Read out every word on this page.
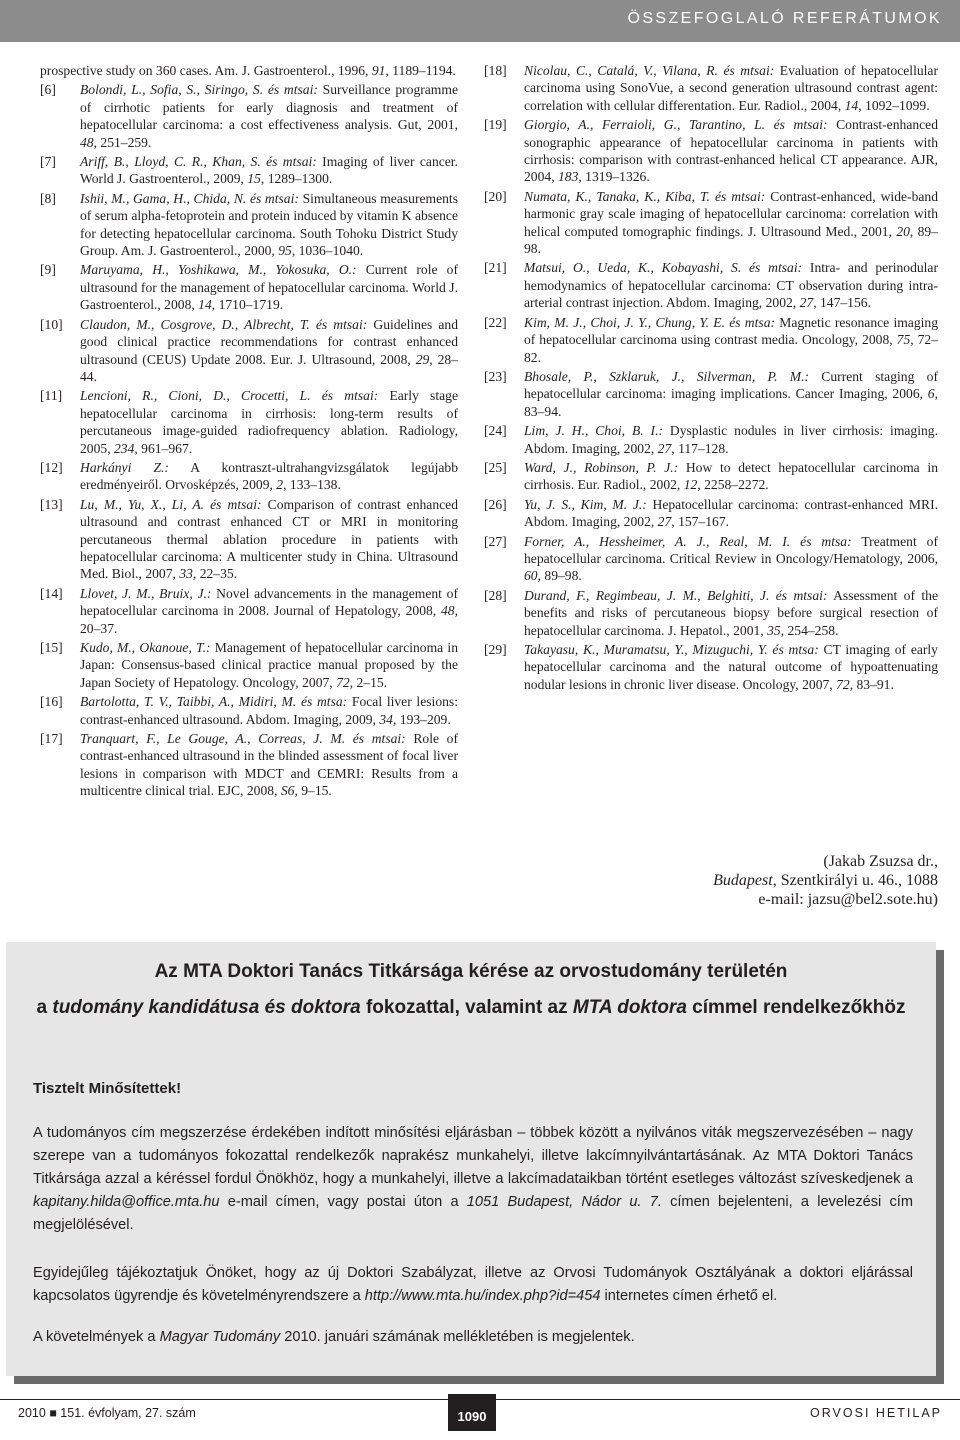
ÖSSZEFOGLALÓ REFERÁTUMOK
prospective study on 360 cases. Am. J. Gastroenterol., 1996, 91, 1189–1194.
[6]	Bolondi, L., Sofia, S., Siringo, S. és mtsai: Surveillance programme of cirrhotic patients for early diagnosis and treatment of hepatocellular carcinoma: a cost effectiveness analysis. Gut, 2001, 48, 251–259.
[7]	Ariff, B., Lloyd, C. R., Khan, S. és mtsai: Imaging of liver cancer. World J. Gastroenterol., 2009, 15, 1289–1300.
[8]	Ishii, M., Gama, H., Chida, N. és mtsai: Simultaneous measurements of serum alpha-fetoprotein and protein induced by vitamin K absence for detecting hepatocellular carcinoma. South Tohoku District Study Group. Am. J. Gastroenterol., 2000, 95, 1036–1040.
[9]	Maruyama, H., Yoshikawa, M., Yokosuka, O.: Current role of ultrasound for the management of hepatocellular carcinoma. World J. Gastroenterol., 2008, 14, 1710–1719.
[10]	Claudon, M., Cosgrove, D., Albrecht, T. és mtsai: Guidelines and good clinical practice recommendations for contrast enhanced ultrasound (CEUS) Update 2008. Eur. J. Ultrasound, 2008, 29, 28–44.
[11]	Lencioni, R., Cioni, D., Crocetti, L. és mtsai: Early stage hepatocellular carcinoma in cirrhosis: long-term results of percutaneous image-guided radiofrequency ablation. Radiology, 2005, 234, 961–967.
[12]	Harkányi Z.: A kontraszt-ultrahangvizsgálatok legújabb eredményeiről. Orvosképzés, 2009, 2, 133–138.
[13]	Lu, M., Yu, X., Li, A. és mtsai: Comparison of contrast enhanced ultrasound and contrast enhanced CT or MRI in monitoring percutaneous thermal ablation procedure in patients with hepatocellular carcinoma: A multicenter study in China. Ultrasound Med. Biol., 2007, 33, 22–35.
[14]	Llovet, J. M., Bruix, J.: Novel advancements in the management of hepatocellular carcinoma in 2008. Journal of Hepatology, 2008, 48, 20–37.
[15]	Kudo, M., Okanoue, T.: Management of hepatocellular carcinoma in Japan: Consensus-based clinical practice manual proposed by the Japan Society of Hepatology. Oncology, 2007, 72, 2–15.
[16]	Bartolotta, T. V., Taibbi, A., Midiri, M. és mtsa: Focal liver lesions: contrast-enhanced ultrasound. Abdom. Imaging, 2009, 34, 193–209.
[17]	Tranquart, F., Le Gouge, A., Correas, J. M. és mtsai: Role of contrast-enhanced ultrasound in the blinded assessment of focal liver lesions in comparison with MDCT and CEMRI: Results from a multicentre clinical trial. EJC, 2008, S6, 9–15.
[18]	Nicolau, C., Catalá, V., Vilana, R. és mtsai: Evaluation of hepatocellular carcinoma using SonoVue, a second generation ultrasound contrast agent: correlation with cellular differentation. Eur. Radiol., 2004, 14, 1092–1099.
[19]	Giorgio, A., Ferraioli, G., Tarantino, L. és mtsai: Contrast-enhanced sonographic appearance of hepatocellular carcinoma in patients with cirrhosis: comparison with contrast-enhanced helical CT appearance. AJR, 2004, 183, 1319–1326.
[20]	Numata, K., Tanaka, K., Kiba, T. és mtsai: Contrast-enhanced, wide-band harmonic gray scale imaging of hepatocellular carcinoma: correlation with helical computed tomographic findings. J. Ultrasound Med., 2001, 20, 89–98.
[21]	Matsui, O., Ueda, K., Kobayashi, S. és mtsai: Intra- and perinodular hemodynamics of hepatocellular carcinoma: CT observation during intra-arterial contrast injection. Abdom. Imaging, 2002, 27, 147–156.
[22]	Kim, M. J., Choi, J. Y., Chung, Y. E. és mtsa: Magnetic resonance imaging of hepatocellular carcinoma using contrast media. Oncology, 2008, 75, 72–82.
[23]	Bhosale, P., Szklaruk, J., Silverman, P. M.: Current staging of hepatocellular carcinoma: imaging implications. Cancer Imaging, 2006, 6, 83–94.
[24]	Lim, J. H., Choi, B. I.: Dysplastic nodules in liver cirrhosis: imaging. Abdom. Imaging, 2002, 27, 117–128.
[25]	Ward, J., Robinson, P. J.: How to detect hepatocellular carcinoma in cirrhosis. Eur. Radiol., 2002, 12, 2258–2272.
[26]	Yu, J. S., Kim, M. J.: Hepatocellular carcinoma: contrast-enhanced MRI. Abdom. Imaging, 2002, 27, 157–167.
[27]	Forner, A., Hessheimer, A. J., Real, M. I. és mtsa: Treatment of hepatocellular carcinoma. Critical Review in Oncology/Hematology, 2006, 60, 89–98.
[28]	Durand, F., Regimbeau, J. M., Belghiti, J. és mtsai: Assessment of the benefits and risks of percutaneous biopsy before surgical resection of hepatocellular carcinoma. J. Hepatol., 2001, 35, 254–258.
[29]	Takayasu, K., Muramatsu, Y., Mizuguchi, Y. és mtsa: CT imaging of early hepatocellular carcinoma and the natural outcome of hypoattenuating nodular lesions in chronic liver disease. Oncology, 2007, 72, 83–91.
(Jakab Zsuzsa dr.,
Budapest, Szentkirályi u. 46., 1088
e-mail: jazsu@bel2.sote.hu)
Az MTA Doktori Tanács Titkársága kérése az orvostudomány területén
a tudomány kandidátusa és doktora fokozattal, valamint az MTA doktora címmel rendelkezőkhöz
Tisztelt Minősítettek!
A tudományos cím megszerzése érdekében indított minősítési eljárásban – többek között a nyilvános viták megszervezésében – nagy szerepe van a tudományos fokozattal rendelkezők naprakész munkahelyi, illetve lakcímnyilvántartásának. Az MTA Doktori Tanács Titkársága azzal a kéréssel fordul Önökhöz, hogy a munkahelyi, illetve a lakcímadataikban történt esetleges változást szíveskedjenek a kapitany.hilda@office.mta.hu e-mail címen, vagy postai úton a 1051 Budapest, Nádor u. 7. címen bejelenteni, a levelezési cím megjelölésével.
Egyidejűleg tájékoztatjuk Önöket, hogy az új Doktori Szabályzat, illetve az Orvosi Tudományok Osztályának a doktori eljárással kapcsolatos ügyrendje és követelményrendszere a http://www.mta.hu/index.php?id=454 internetes címen érhető el.
A követelmények a Magyar Tudomány 2010. januári számának mellékletében is megjelentek.
2010 ■ 151. évfolyam, 27. szám	1090	ORVOSI HETILAP
